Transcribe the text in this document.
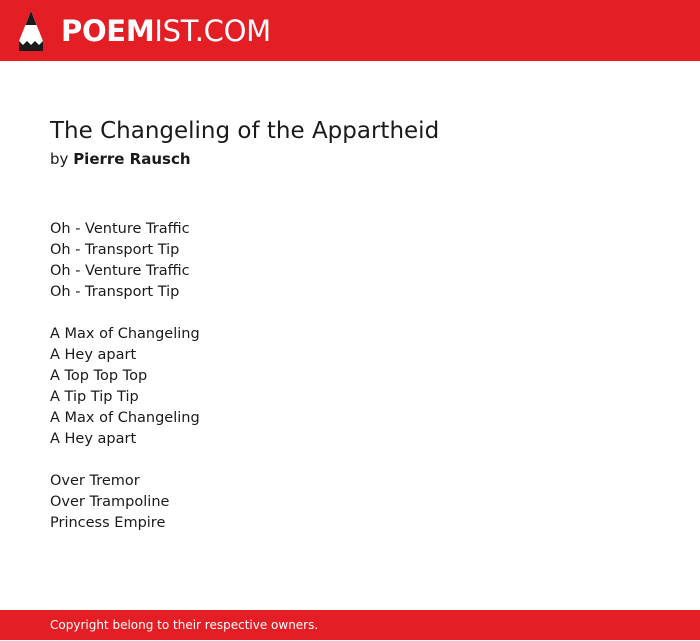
POEMIST.COM
The Changeling of the Appartheid
by Pierre Rausch
Oh - Venture Traffic
Oh - Transport Tip
Oh - Venture Traffic
Oh - Transport Tip
A Max of Changeling
A Hey apart
A Top Top Top
A Tip Tip Tip
A Max of Changeling
A Hey apart
Over Tremor
Over Trampoline
Princess Empire
Copyright belong to their respective owners.
